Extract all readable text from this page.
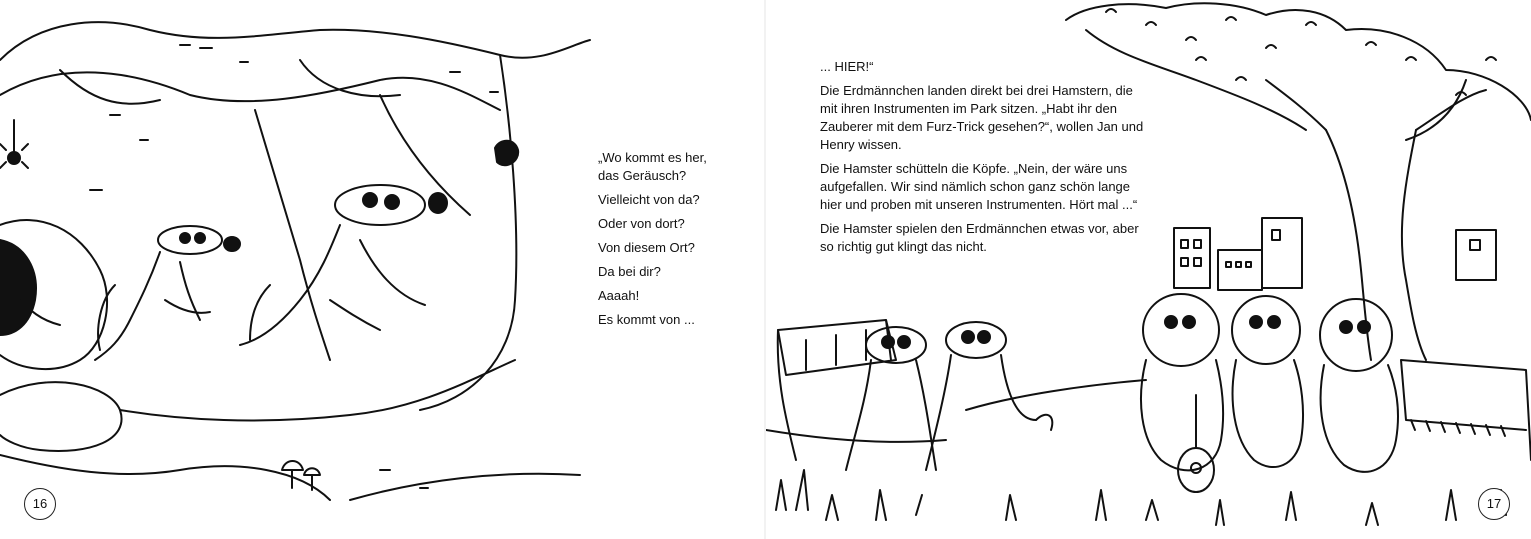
„Wo kommt es her,
das Geräusch?

Vielleicht von da?

Oder von dort?

Von diesem Ort?

Da bei dir?

Aaaah!

Es kommt von ...

16

... HIER!“

Die Erdmännchen landen direkt bei drei Hamstern, die mit ihren Instrumenten im Park sitzen. „Habt ihr den Zauberer mit dem Furz-Trick gesehen?“, wollen Jan und Henry wissen.

Die Hamster schütteln die Köpfe. „Nein, der wäre uns aufgefallen. Wir sind nämlich schon ganz schön lange hier und proben mit unseren Instrumenten. Hört mal ...“

Die Hamster spielen den Erdmännchen etwas vor, aber so richtig gut klingt das nicht.

17
